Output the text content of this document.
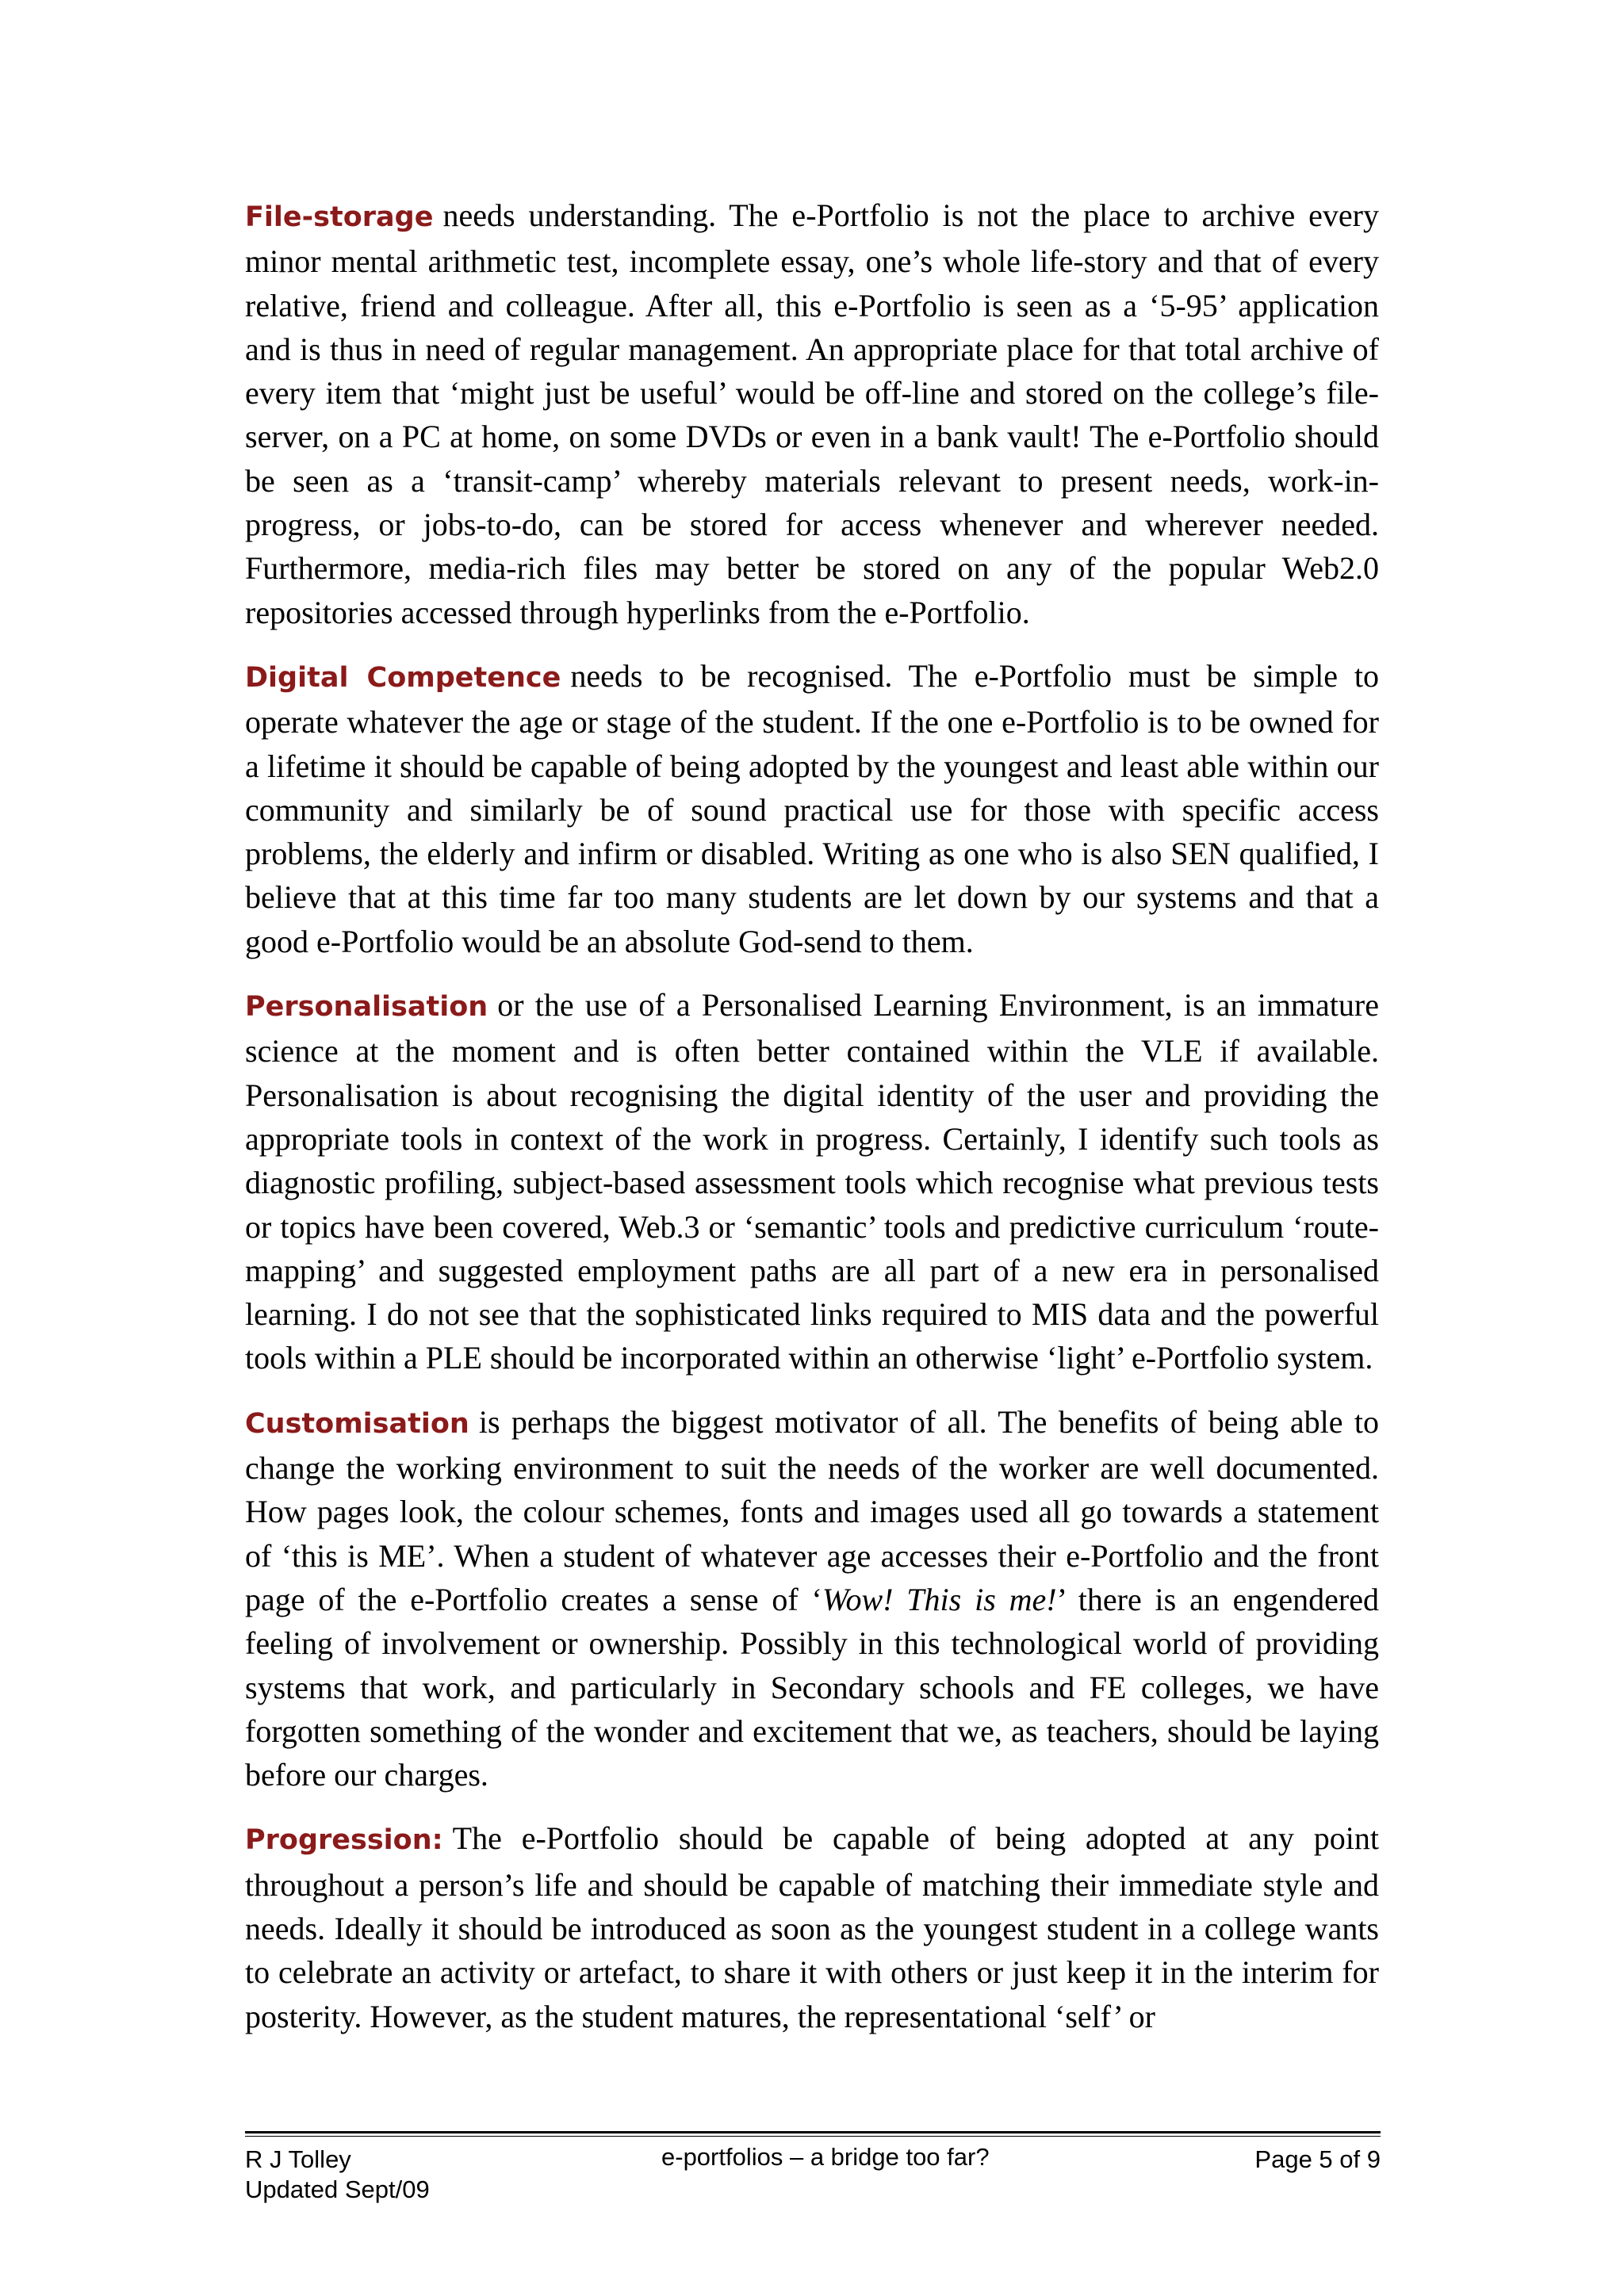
File-storage needs understanding. The e-Portfolio is not the place to archive every minor mental arithmetic test, incomplete essay, one’s whole life-story and that of every relative, friend and colleague. After all, this e-Portfolio is seen as a ‘5-95’ application and is thus in need of regular management. An appropriate place for that total archive of every item that ‘might just be useful’ would be off-line and stored on the college’s file-server, on a PC at home, on some DVDs or even in a bank vault! The e-Portfolio should be seen as a ‘transit-camp’ whereby materials relevant to present needs, work-in-progress, or jobs-to-do, can be stored for access whenever and wherever needed. Furthermore, media-rich files may better be stored on any of the popular Web2.0 repositories accessed through hyperlinks from the e-Portfolio.

Digital Competence needs to be recognised. The e-Portfolio must be simple to operate whatever the age or stage of the student. If the one e-Portfolio is to be owned for a lifetime it should be capable of being adopted by the youngest and least able within our community and similarly be of sound practical use for those with specific access problems, the elderly and infirm or disabled. Writing as one who is also SEN qualified, I believe that at this time far too many students are let down by our systems and that a good e-Portfolio would be an absolute God-send to them.

Personalisation or the use of a Personalised Learning Environment, is an immature science at the moment and is often better contained within the VLE if available. Personalisation is about recognising the digital identity of the user and providing the appropriate tools in context of the work in progress. Certainly, I identify such tools as diagnostic profiling, subject-based assessment tools which recognise what previous tests or topics have been covered, Web.3 or ‘semantic’ tools and predictive curriculum ‘route-mapping’ and suggested employment paths are all part of a new era in personalised learning. I do not see that the sophisticated links required to MIS data and the powerful tools within a PLE should be incorporated within an otherwise ‘light’ e-Portfolio system.

Customisation is perhaps the biggest motivator of all. The benefits of being able to change the working environment to suit the needs of the worker are well documented. How pages look, the colour schemes, fonts and images used all go towards a statement of ‘this is ME’. When a student of whatever age accesses their e-Portfolio and the front page of the e-Portfolio creates a sense of ‘Wow! This is me!’ there is an engendered feeling of involvement or ownership. Possibly in this technological world of providing systems that work, and particularly in Secondary schools and FE colleges, we have forgotten something of the wonder and excitement that we, as teachers, should be laying before our charges.

Progression: The e-Portfolio should be capable of being adopted at any point throughout a person’s life and should be capable of matching their immediate style and needs. Ideally it should be introduced as soon as the youngest student in a college wants to celebrate an activity or artefact, to share it with others or just keep it in the interim for posterity. However, as the student matures, the representational ‘self’ or

R J Tolley
Updated Sept/09
e-portfolios – a bridge too far?	Page 5 of 9
